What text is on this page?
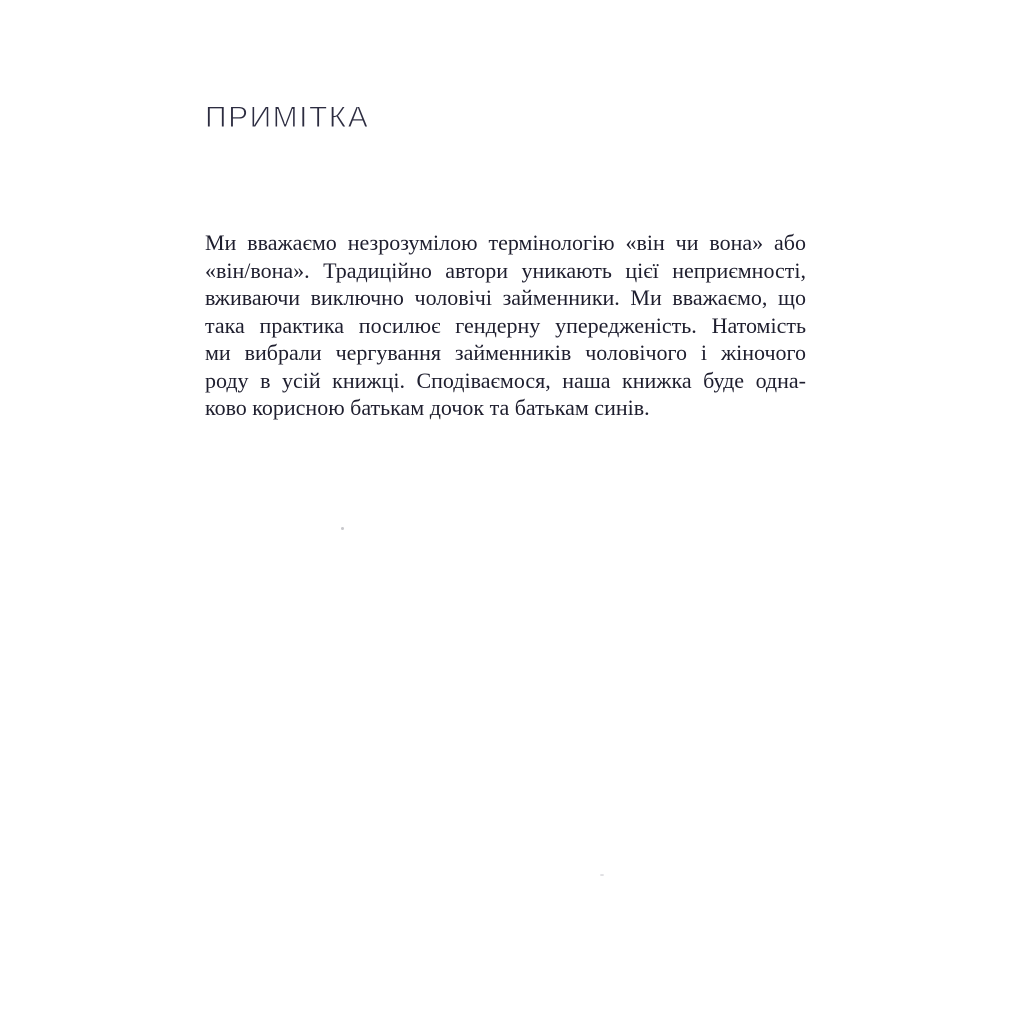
ПРИМІТКА
Ми вважаємо незрозумілою термінологію «він чи вона» або
«він/вона». Традиційно автори уникають цієї неприємності,
вживаючи виключно чоловічі займенники. Ми вважаємо, що
така практика посилює гендерну упередженість. Натомість
ми вибрали чергування займенників чоловічого і жіночого
роду в усій книжці. Сподіваємося, наша книжка буде одна-
ково корисною батькам дочок та батькам синів.
